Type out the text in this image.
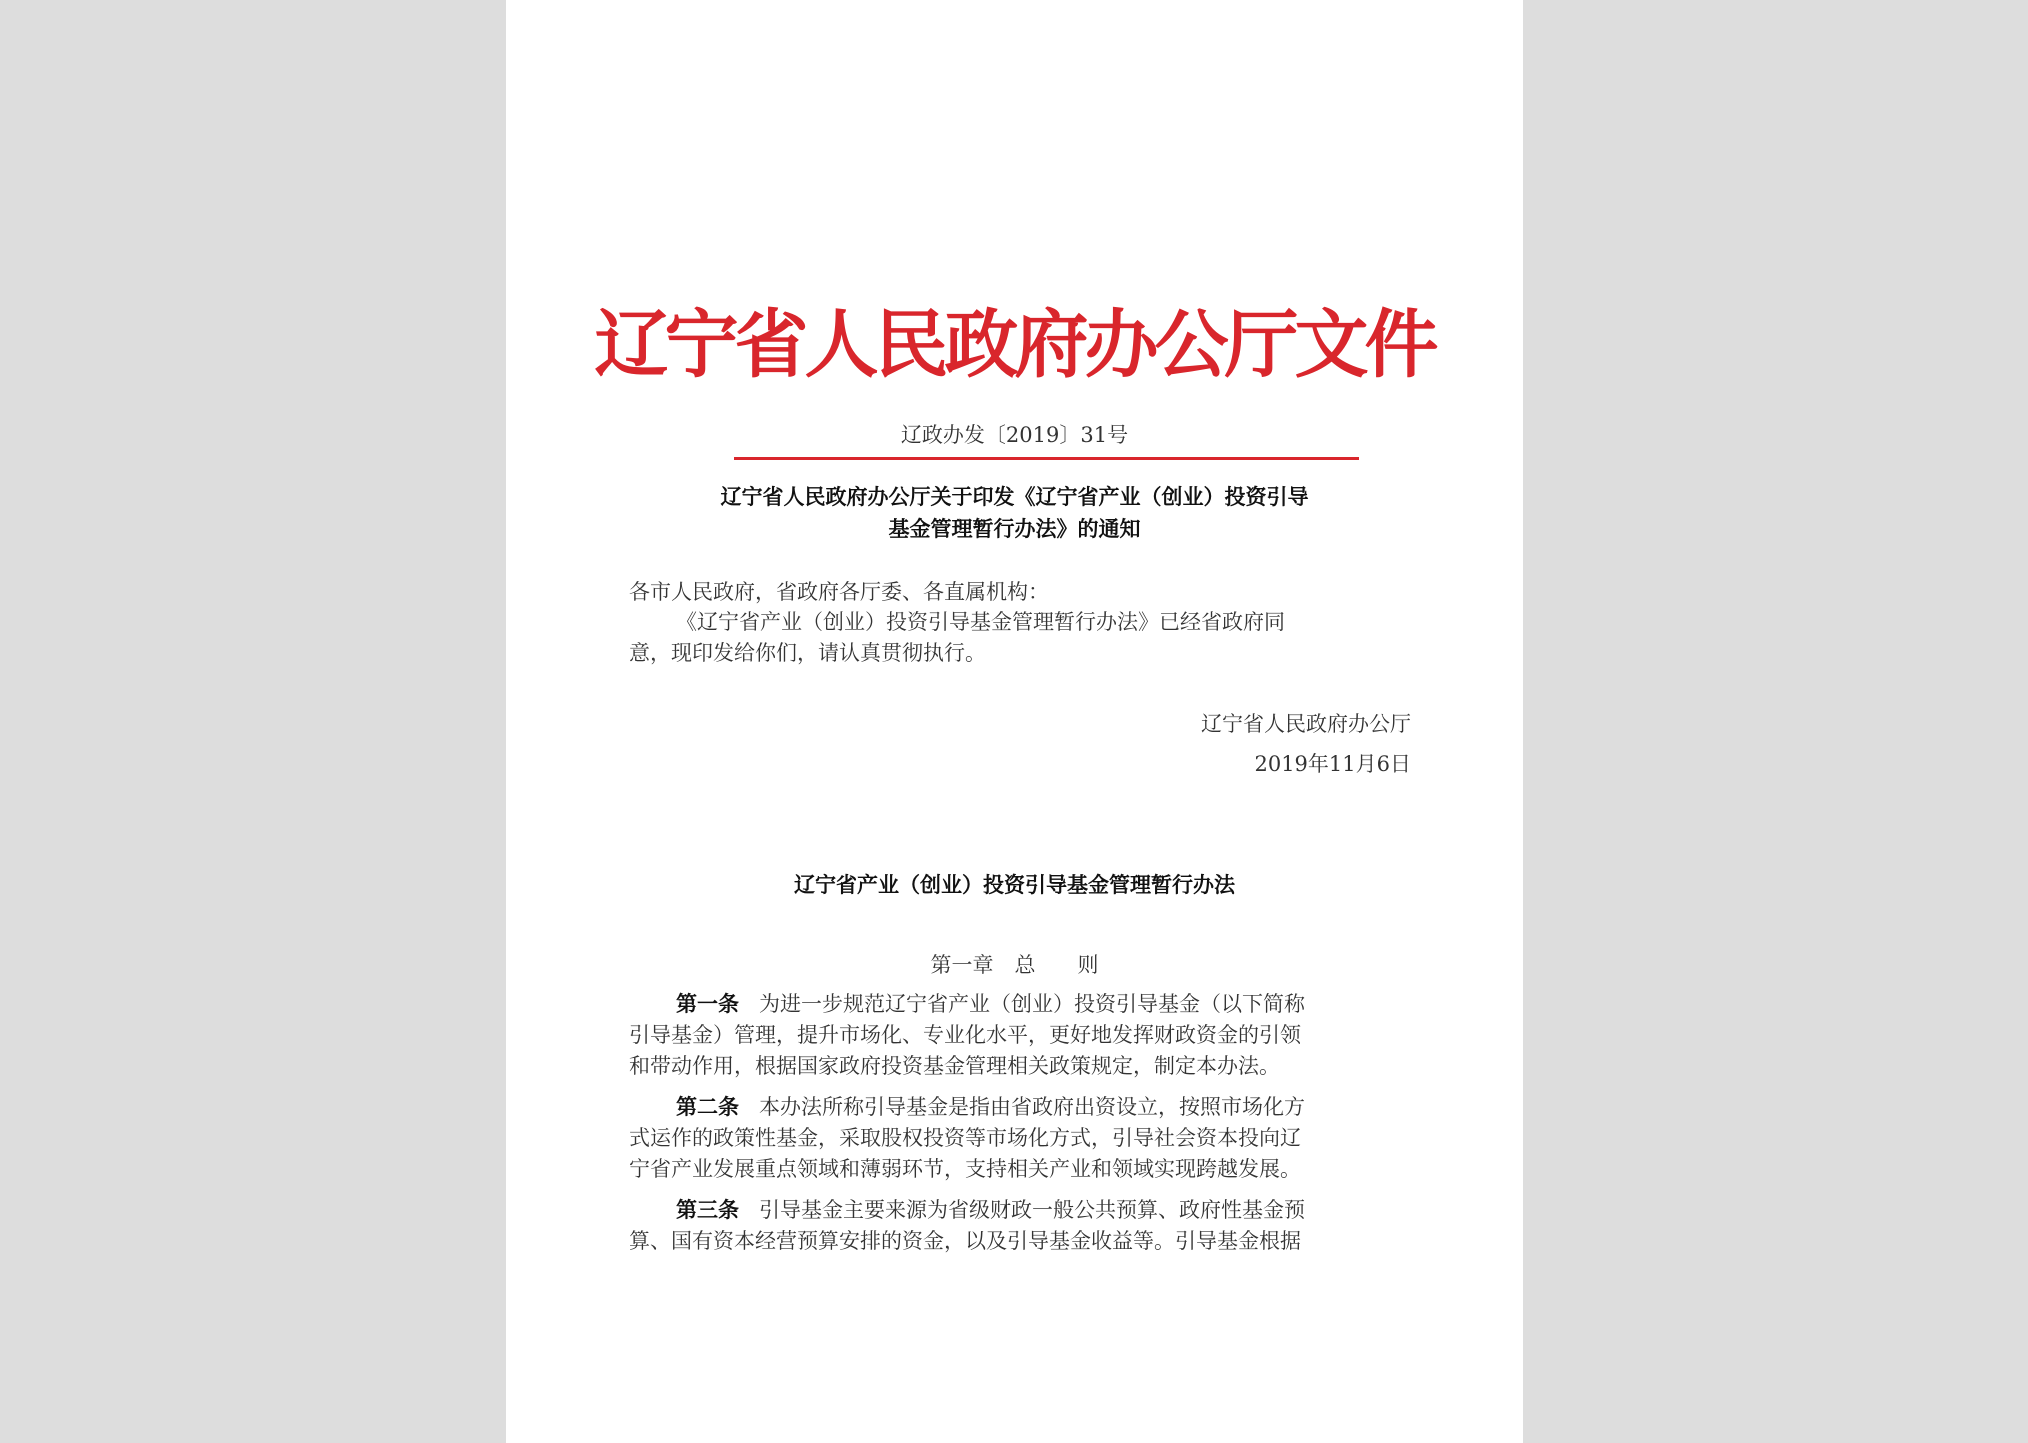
辽宁省人民政府办公厅文件
辽政办发〔2019〕31号
辽宁省人民政府办公厅关于印发《辽宁省产业（创业）投资引导
基金管理暂行办法》的通知
各市人民政府，省政府各厅委、各直属机构：
《辽宁省产业（创业）投资引导基金管理暂行办法》已经省政府同
意，现印发给你们，请认真贯彻执行。
辽宁省人民政府办公厅
2019年11月6日
辽宁省产业（创业）投资引导基金管理暂行办法
第一章　总　　则
第一条 为进一步规范辽宁省产业（创业）投资引导基金（以下简称
引导基金）管理，提升市场化、专业化水平，更好地发挥财政资金的引领
和带动作用，根据国家政府投资基金管理相关政策规定，制定本办法。
第二条 本办法所称引导基金是指由省政府出资设立，按照市场化方
式运作的政策性基金，采取股权投资等市场化方式，引导社会资本投向辽
宁省产业发展重点领域和薄弱环节，支持相关产业和领域实现跨越发展。
第三条 引导基金主要来源为省级财政一般公共预算、政府性基金预
算、国有资本经营预算安排的资金，以及引导基金收益等。引导基金根据
